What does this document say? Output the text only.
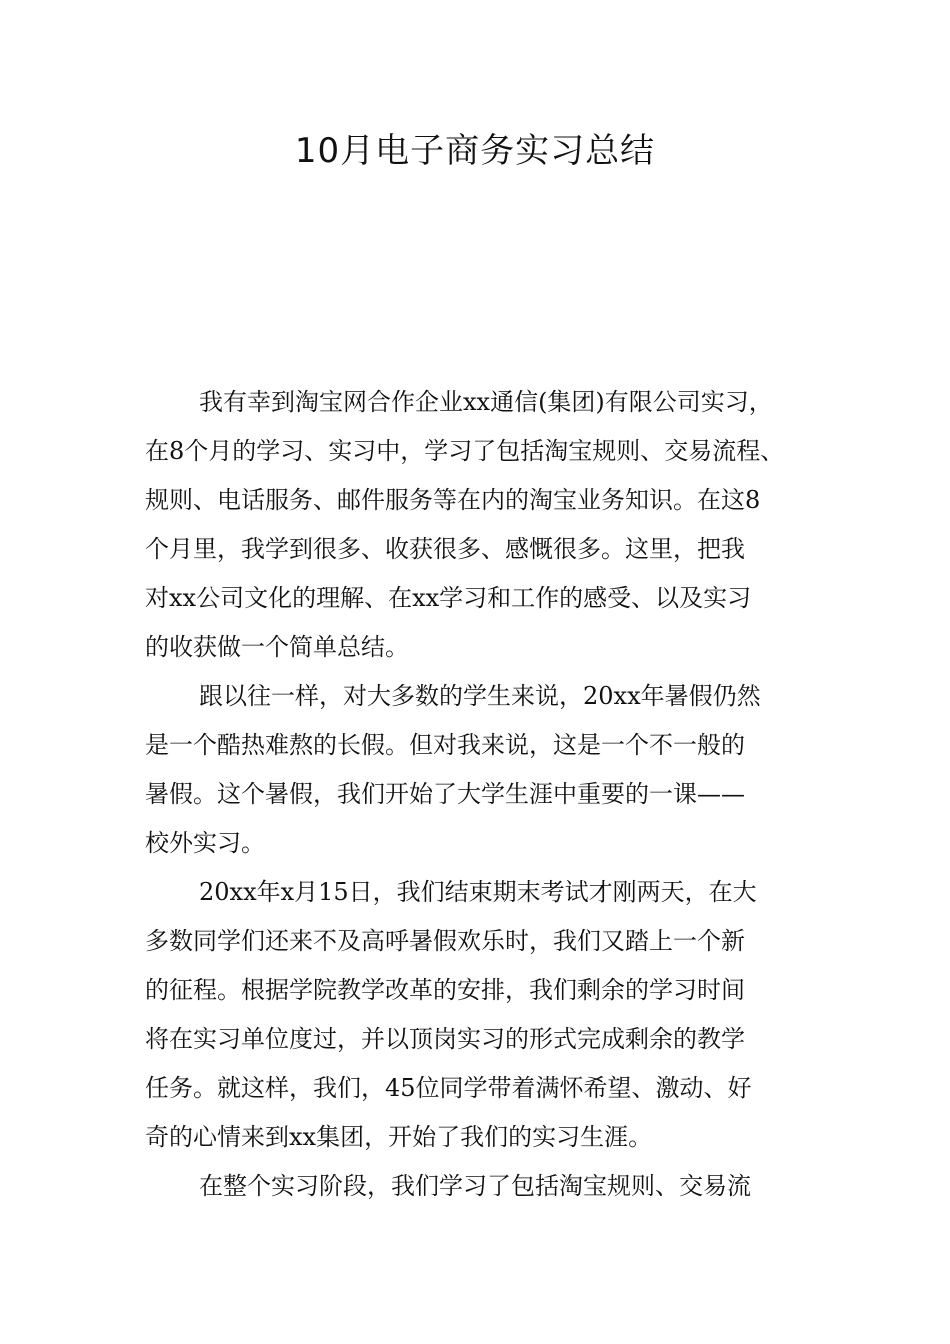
10月电子商务实习总结
我有幸到淘宝网合作企业xx通信(集团)有限公司实习，
在8个月的学习、实习中，学习了包括淘宝规则、交易流程、
规则、电话服务、邮件服务等在内的淘宝业务知识。在这8
个月里，我学到很多、收获很多、感慨很多。这里，把我
对xx公司文化的理解、在xx学习和工作的感受、以及实习
的收获做一个简单总结。
跟以往一样，对大多数的学生来说，20xx年暑假仍然
是一个酷热难熬的长假。但对我来说，这是一个不一般的
暑假。这个暑假，我们开始了大学生涯中重要的一课——
校外实习。
20xx年x月15日，我们结束期末考试才刚两天，在大
多数同学们还来不及高呼暑假欢乐时，我们又踏上一个新
的征程。根据学院教学改革的安排，我们剩余的学习时间
将在实习单位度过，并以顶岗实习的形式完成剩余的教学
任务。就这样，我们，45位同学带着满怀希望、激动、好
奇的心情来到xx集团，开始了我们的实习生涯。
在整个实习阶段，我们学习了包括淘宝规则、交易流
